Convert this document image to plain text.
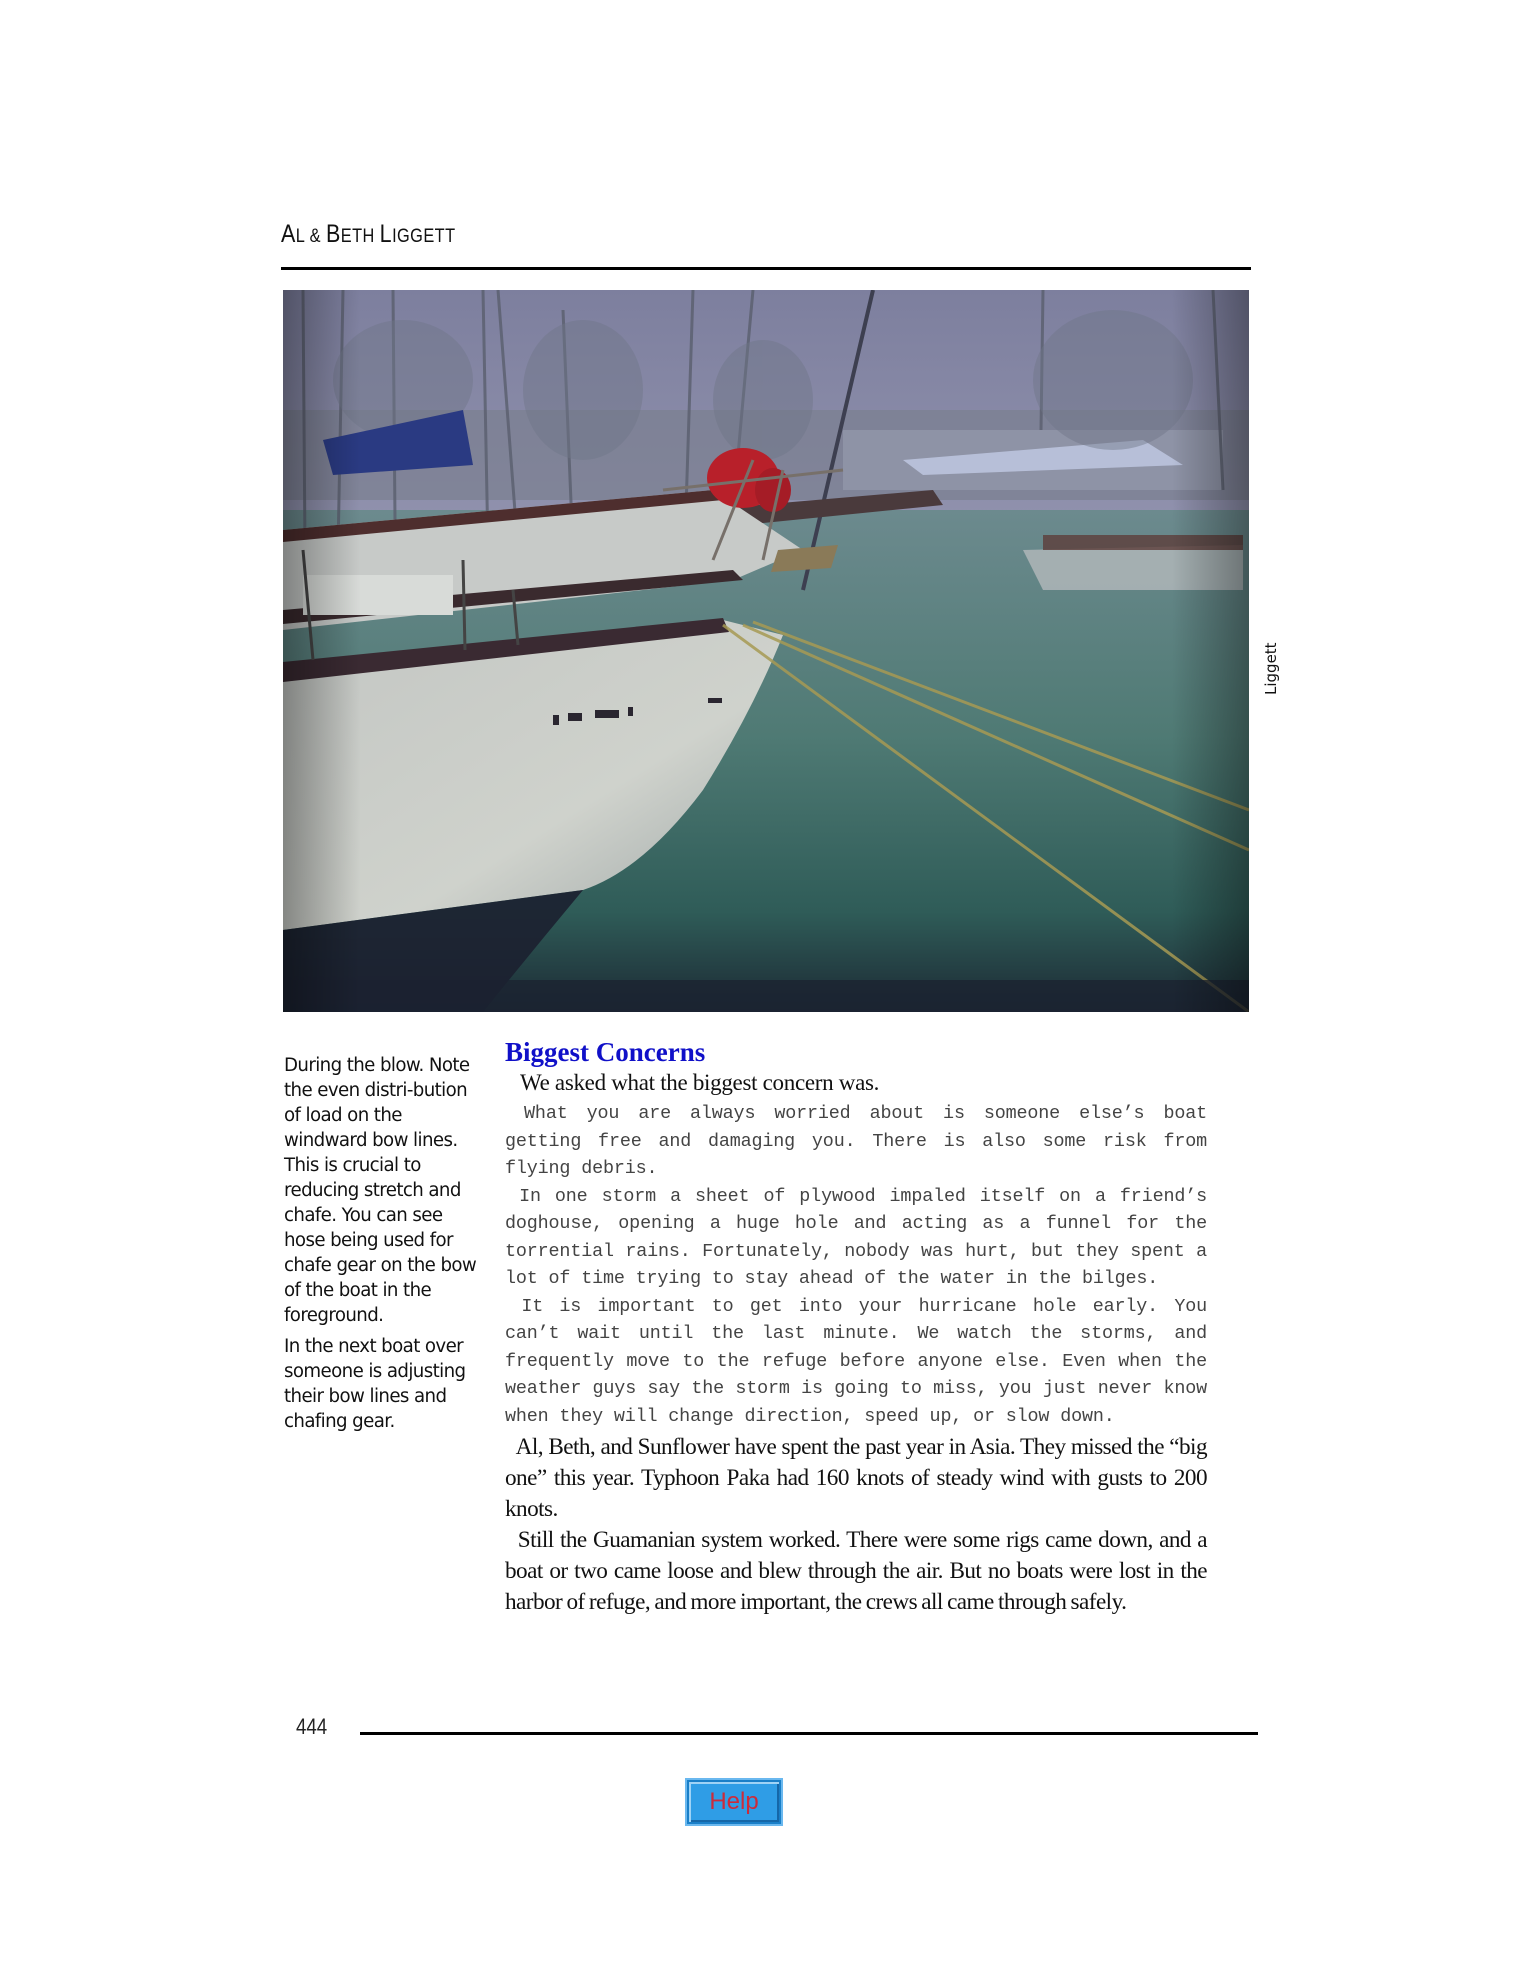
AL & BETH LIGGETT
Liggett

During the blow. Note the even distri-bution of load on the windward bow lines. This is crucial to reducing stretch and chafe. You can see hose being used for chafe gear on the bow of the boat in the foreground.

In the next boat over someone is adjusting their bow lines and chafing gear.

Biggest Concerns

We asked what the biggest concern was.

What you are always worried about is someone else’s boat getting free and damaging you. There is also some risk from flying debris.

In one storm a sheet of plywood impaled itself on a friend’s doghouse, opening a huge hole and acting as a funnel for the torrential rains. Fortunately, nobody was hurt, but they spent a lot of time trying to stay ahead of the water in the bilges.

It is important to get into your hurricane hole early. You can’t wait until the last minute. We watch the storms, and frequently move to the refuge before anyone else. Even when the weather guys say the storm is going to miss, you just never know when they will change direction, speed up, or slow down.

Al, Beth, and Sunflower have spent the past year in Asia. They missed the “big one” this year. Typhoon Paka had 160 knots of steady wind with gusts to 200 knots.

Still the Guamanian system worked. There were some rigs came down, and a boat or two came loose and blew through the air. But no boats were lost in the harbor of refuge, and more important, the crews all came through safely.

444
Help
